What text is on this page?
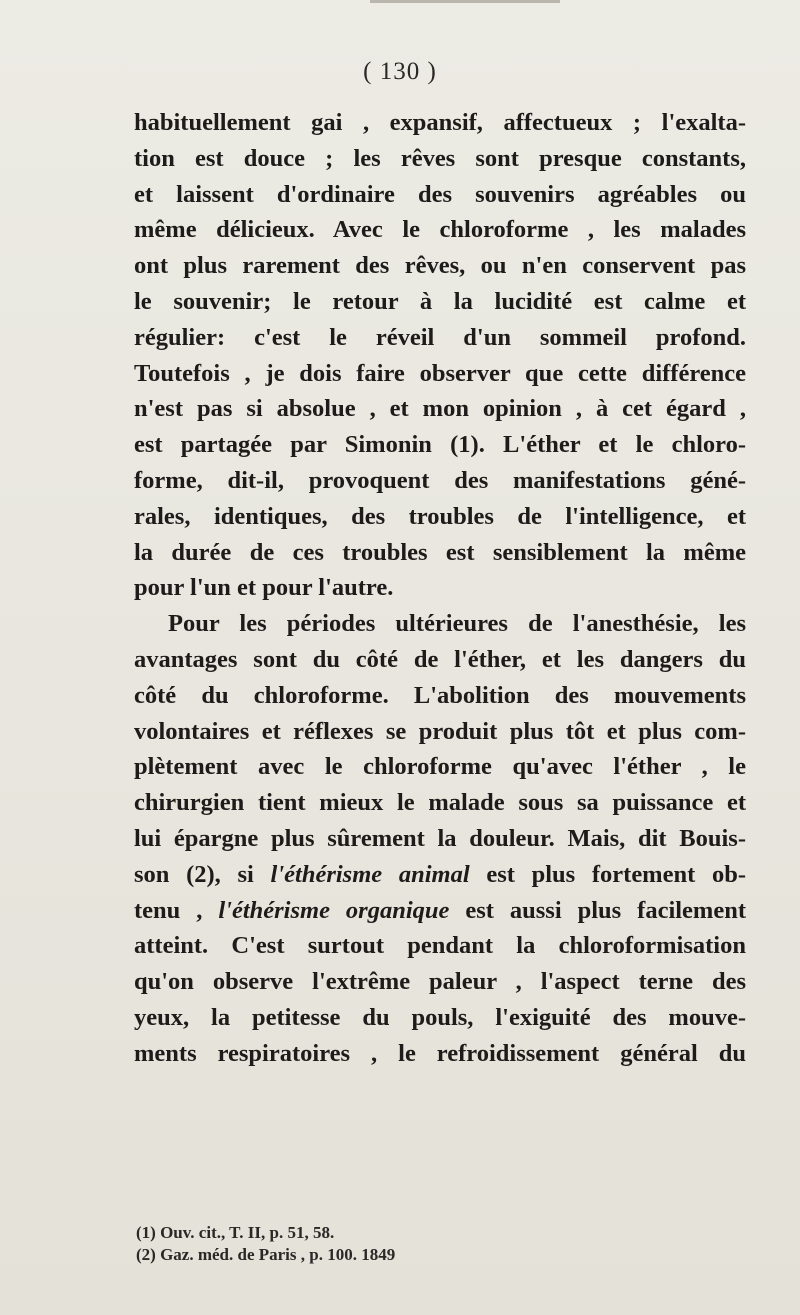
( 130 )
habituellement gai , expansif, affectueux ; l'exalta-
tion est douce ; les rêves sont presque constants,
et laissent d'ordinaire des souvenirs agréables ou
même délicieux. Avec le chloroforme , les malades
ont plus rarement des rêves, ou n'en conservent pas
le souvenir; le retour à la lucidité est calme et
régulier: c'est le réveil d'un sommeil profond.
Toutefois , je dois faire observer que cette différence
n'est pas si absolue , et mon opinion , à cet égard ,
est partagée par Simonin (1). L'éther et le chloro-
forme, dit-il, provoquent des manifestations géné-
rales, identiques, des troubles de l'intelligence, et
la durée de ces troubles est sensiblement la même
pour l'un et pour l'autre.
Pour les périodes ultérieures de l'anesthésie, les
avantages sont du côté de l'éther, et les dangers du
côté du chloroforme. L'abolition des mouvements
volontaires et réflexes se produit plus tôt et plus com-
plètement avec le chloroforme qu'avec l'éther , le
chirurgien tient mieux le malade sous sa puissance et
lui épargne plus sûrement la douleur. Mais, dit Bouis-
son (2), si l'éthérisme animal est plus fortement ob-
tenu , l'éthérisme organique est aussi plus facilement
atteint. C'est surtout pendant la chloroformisation
qu'on observe l'extrême paleur , l'aspect terne des
yeux, la petitesse du pouls, l'exiguité des mouve-
ments respiratoires , le refroidissement général du
(1) Ouv. cit., T. II, p. 51, 58.
(2) Gaz. méd. de Paris , p. 100. 1849
